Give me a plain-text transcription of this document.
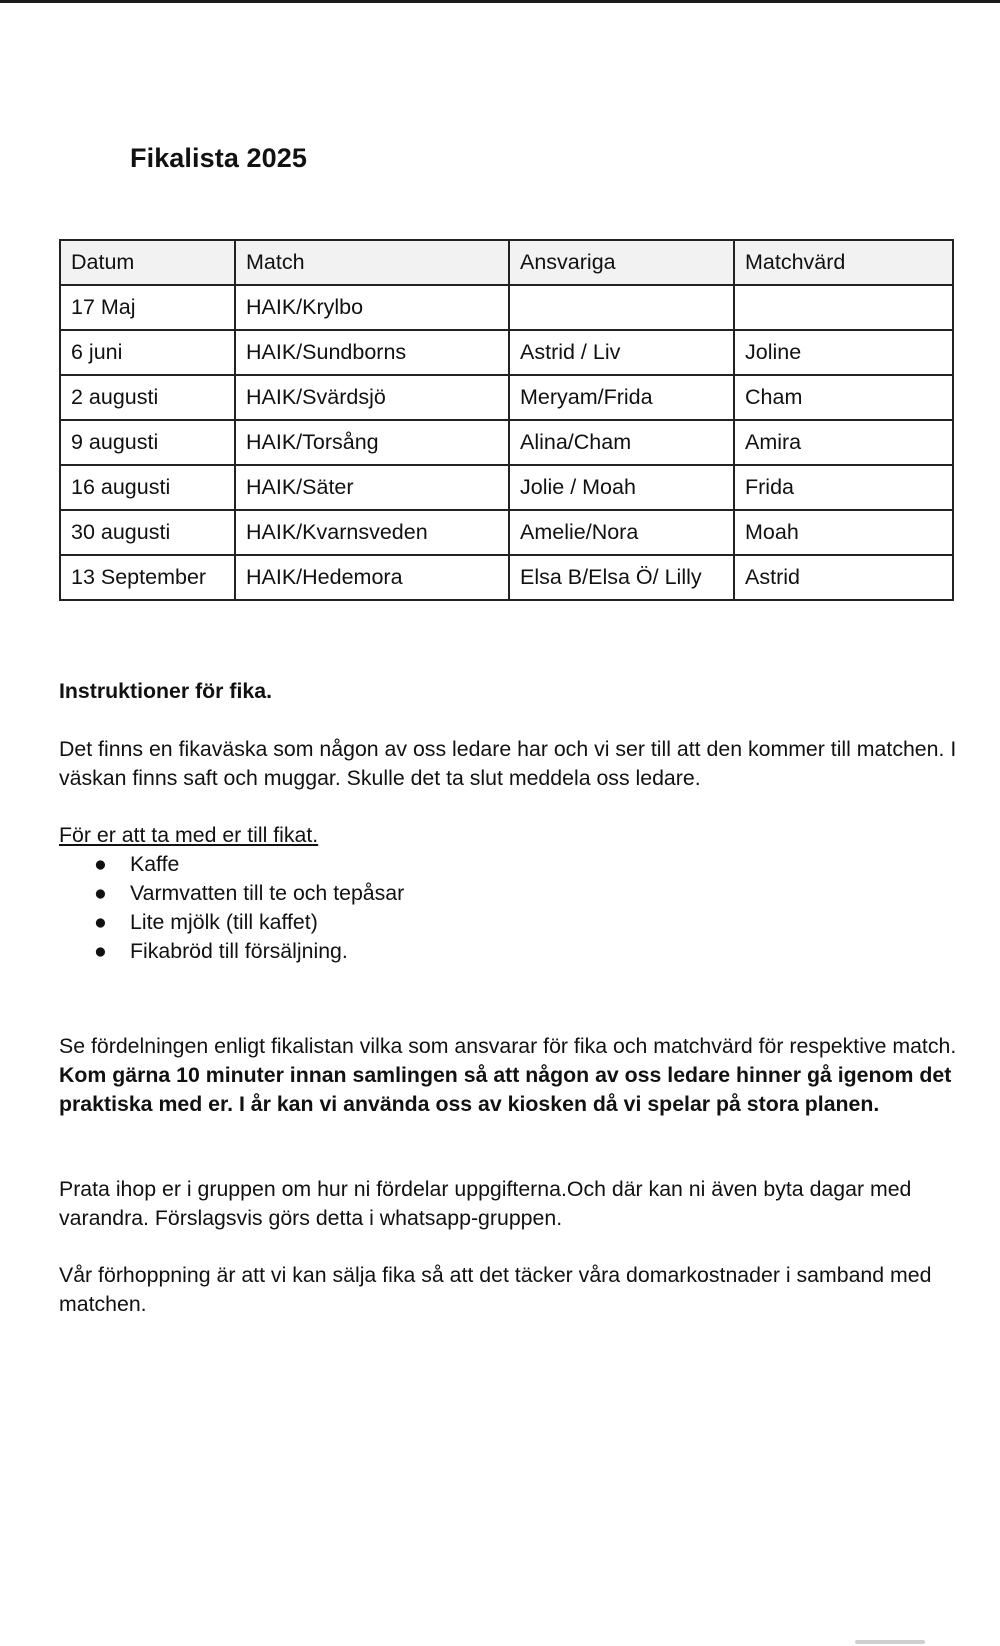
Fikalista 2025
Datum	Match	Ansvariga	Matchvärd
17 Maj	HAIK/Krylbo		
6 juni	HAIK/Sundborns	Astrid / Liv	Joline
2 augusti	HAIK/Svärdsjö	Meryam/Frida	Cham
9 augusti	HAIK/Torsång	Alina/Cham	Amira
16 augusti	HAIK/Säter	Jolie / Moah	Frida
30 augusti	HAIK/Kvarnsveden	Amelie/Nora	Moah
13 September	HAIK/Hedemora	Elsa B/Elsa Ö/ Lilly	Astrid

Instruktioner för fika.

Det finns en fikaväska som någon av oss ledare har och vi ser till att den kommer till matchen. I väskan finns saft och muggar. Skulle det ta slut meddela oss ledare.

För er att ta med er till fikat.

● Kaffe
● Varmvatten till te och tepåsar
● Lite mjölk (till kaffet)
● Fikabröd till försäljning.

Se fördelningen enligt fikalistan vilka som ansvarar för fika och matchvärd för respektive match. Kom gärna 10 minuter innan samlingen så att någon av oss ledare hinner gå igenom det praktiska med er. I år kan vi använda oss av kiosken då vi spelar på stora planen.

Prata ihop er i gruppen om hur ni fördelar uppgifterna.Och där kan ni även byta dagar med varandra. Förslagsvis görs detta i whatsapp-gruppen.

Vår förhoppning är att vi kan sälja fika så att det täcker våra domarkostnader i samband med matchen.
